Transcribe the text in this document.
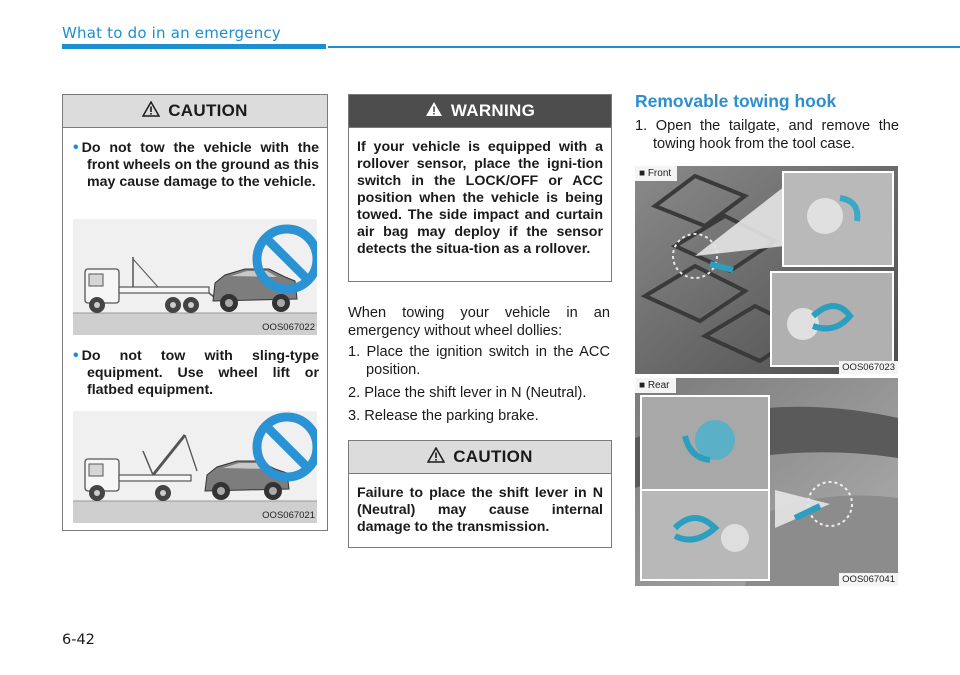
What to do in an emergency
CAUTION
• Do not tow the vehicle with the front wheels on the ground as this may cause damage to the vehicle.
OOS067022
• Do not tow with sling-type equipment. Use wheel lift or flatbed equipment.
OOS067021
WARNING
If your vehicle is equipped with a rollover sensor, place the igni-tion switch in the LOCK/OFF or ACC position when the vehicle is being towed. The side impact and curtain air bag may deploy if the sensor detects the situa-tion as a rollover.
When towing your vehicle in an emergency without wheel dollies:
1. Place the ignition switch in the ACC position.
2. Place the shift lever in N (Neutral).
3. Release the parking brake.
CAUTION
Failure to place the shift lever in N (Neutral) may cause internal damage to the transmission.
Removable towing hook
1. Open the tailgate, and remove the towing hook from the tool case.
■ Front
OOS067023
■ Rear
OOS067041
6-42
